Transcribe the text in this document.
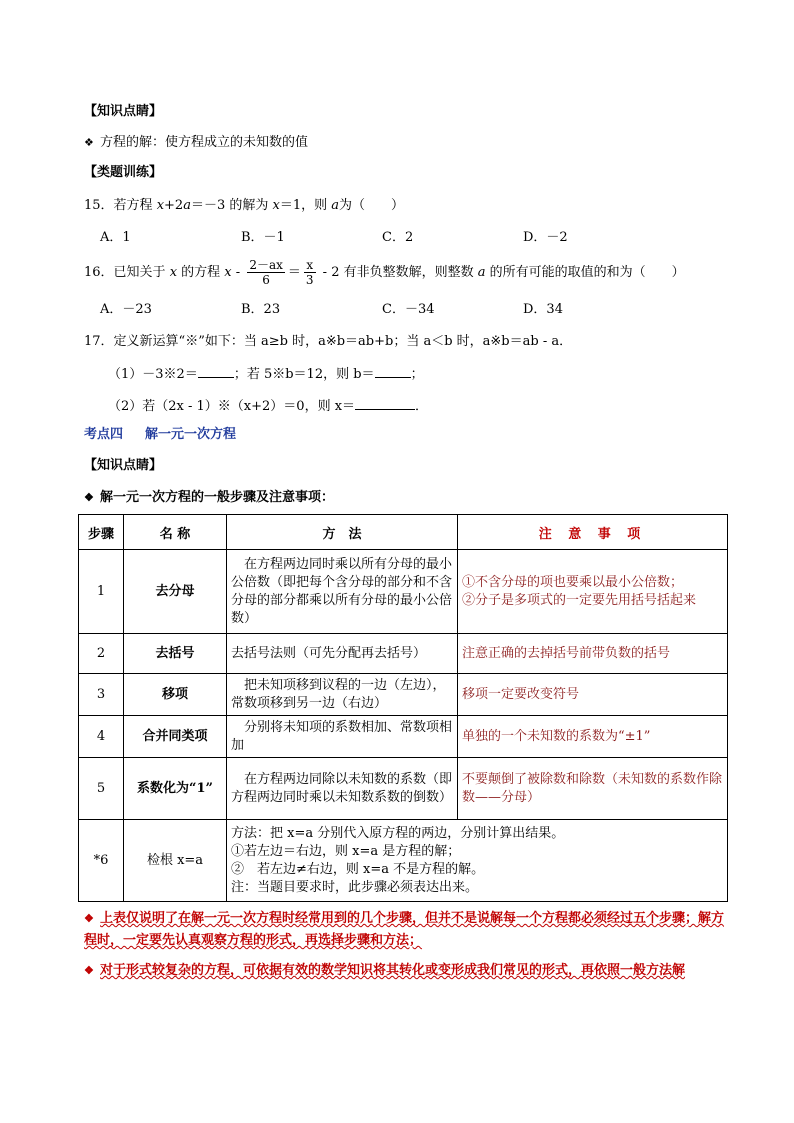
【知识点睛】
❖ 方程的解：使方程成立的未知数的值
【类题训练】
15．若方程 x+2a＝－3 的解为 x＝1，则 a为（　　）
A．1	B．－1	C．2	D．－2
16．已知关于 x 的方程 $x - \frac{2-ax}{6} = \frac{x}{3} - 2$ 有非负整数解，则整数 a 的所有可能的取值的和为（　　）
A．－23	B．23	C．－34	D．34
17．定义新运算“※”如下：当 a≥b 时，a※b＝ab+b；当 a＜b 时，a※b＝ab - a．
（1）－3※2＝	；若 5※b＝12，则 b＝	；
（2）若（2x - 1）※（x+2）＝0，则 x＝	．
考点四 解一元一次方程
【知识点睛】
❖ 解一元一次方程的一般步骤及注意事项：
步骤	名 称	方　法	注 意 事 项
1	去分母	　在方程两边同时乘以所有分母的最小公倍数（即把每个含分母的部分和不含分母的部分都乘以所有分母的最小公倍数）	①不含分母的项也要乘以最小公倍数；
②分子是多项式的一定要先用括号括起来

2	去括号	去括号法则（可先分配再去括号）	注意正确的去掉括号前带负数的括号
3	移项	　把未知项移到议程的一边（左边），常数项移到另一边（右边）	移项一定要改变符号
4	合并同类项	　分别将未知项的系数相加、常数项相加	单独的一个未知数的系数为“±1”
5	系数化为“1”	　在方程两边同除以未知数的系数（即方程两边同时乘以未知数系数的倒数）	不要颠倒了被除数和除数（未知数的系数作除数——分母）
*6	检根 x=a	方法：把 x=a 分别代入原方程的两边，分别计算出结果。
①若左边＝右边，则 x=a 是方程的解；
②　若左边≠右边，则 x=a 不是方程的解。
注：当题目要求时，此步骤必须表达出来。	
❖ 上表仅说明了在解一元一次方程时经常用到的几个步骤，但并不是说解每一个方程都必须经过五个步骤；解方程时，一定要先认真观察方程的形式，再选择步骤和方法；
❖ 对于形式较复杂的方程，可依据有效的数学知识将其转化或变形成我们常见的形式，再依照一般方法解
